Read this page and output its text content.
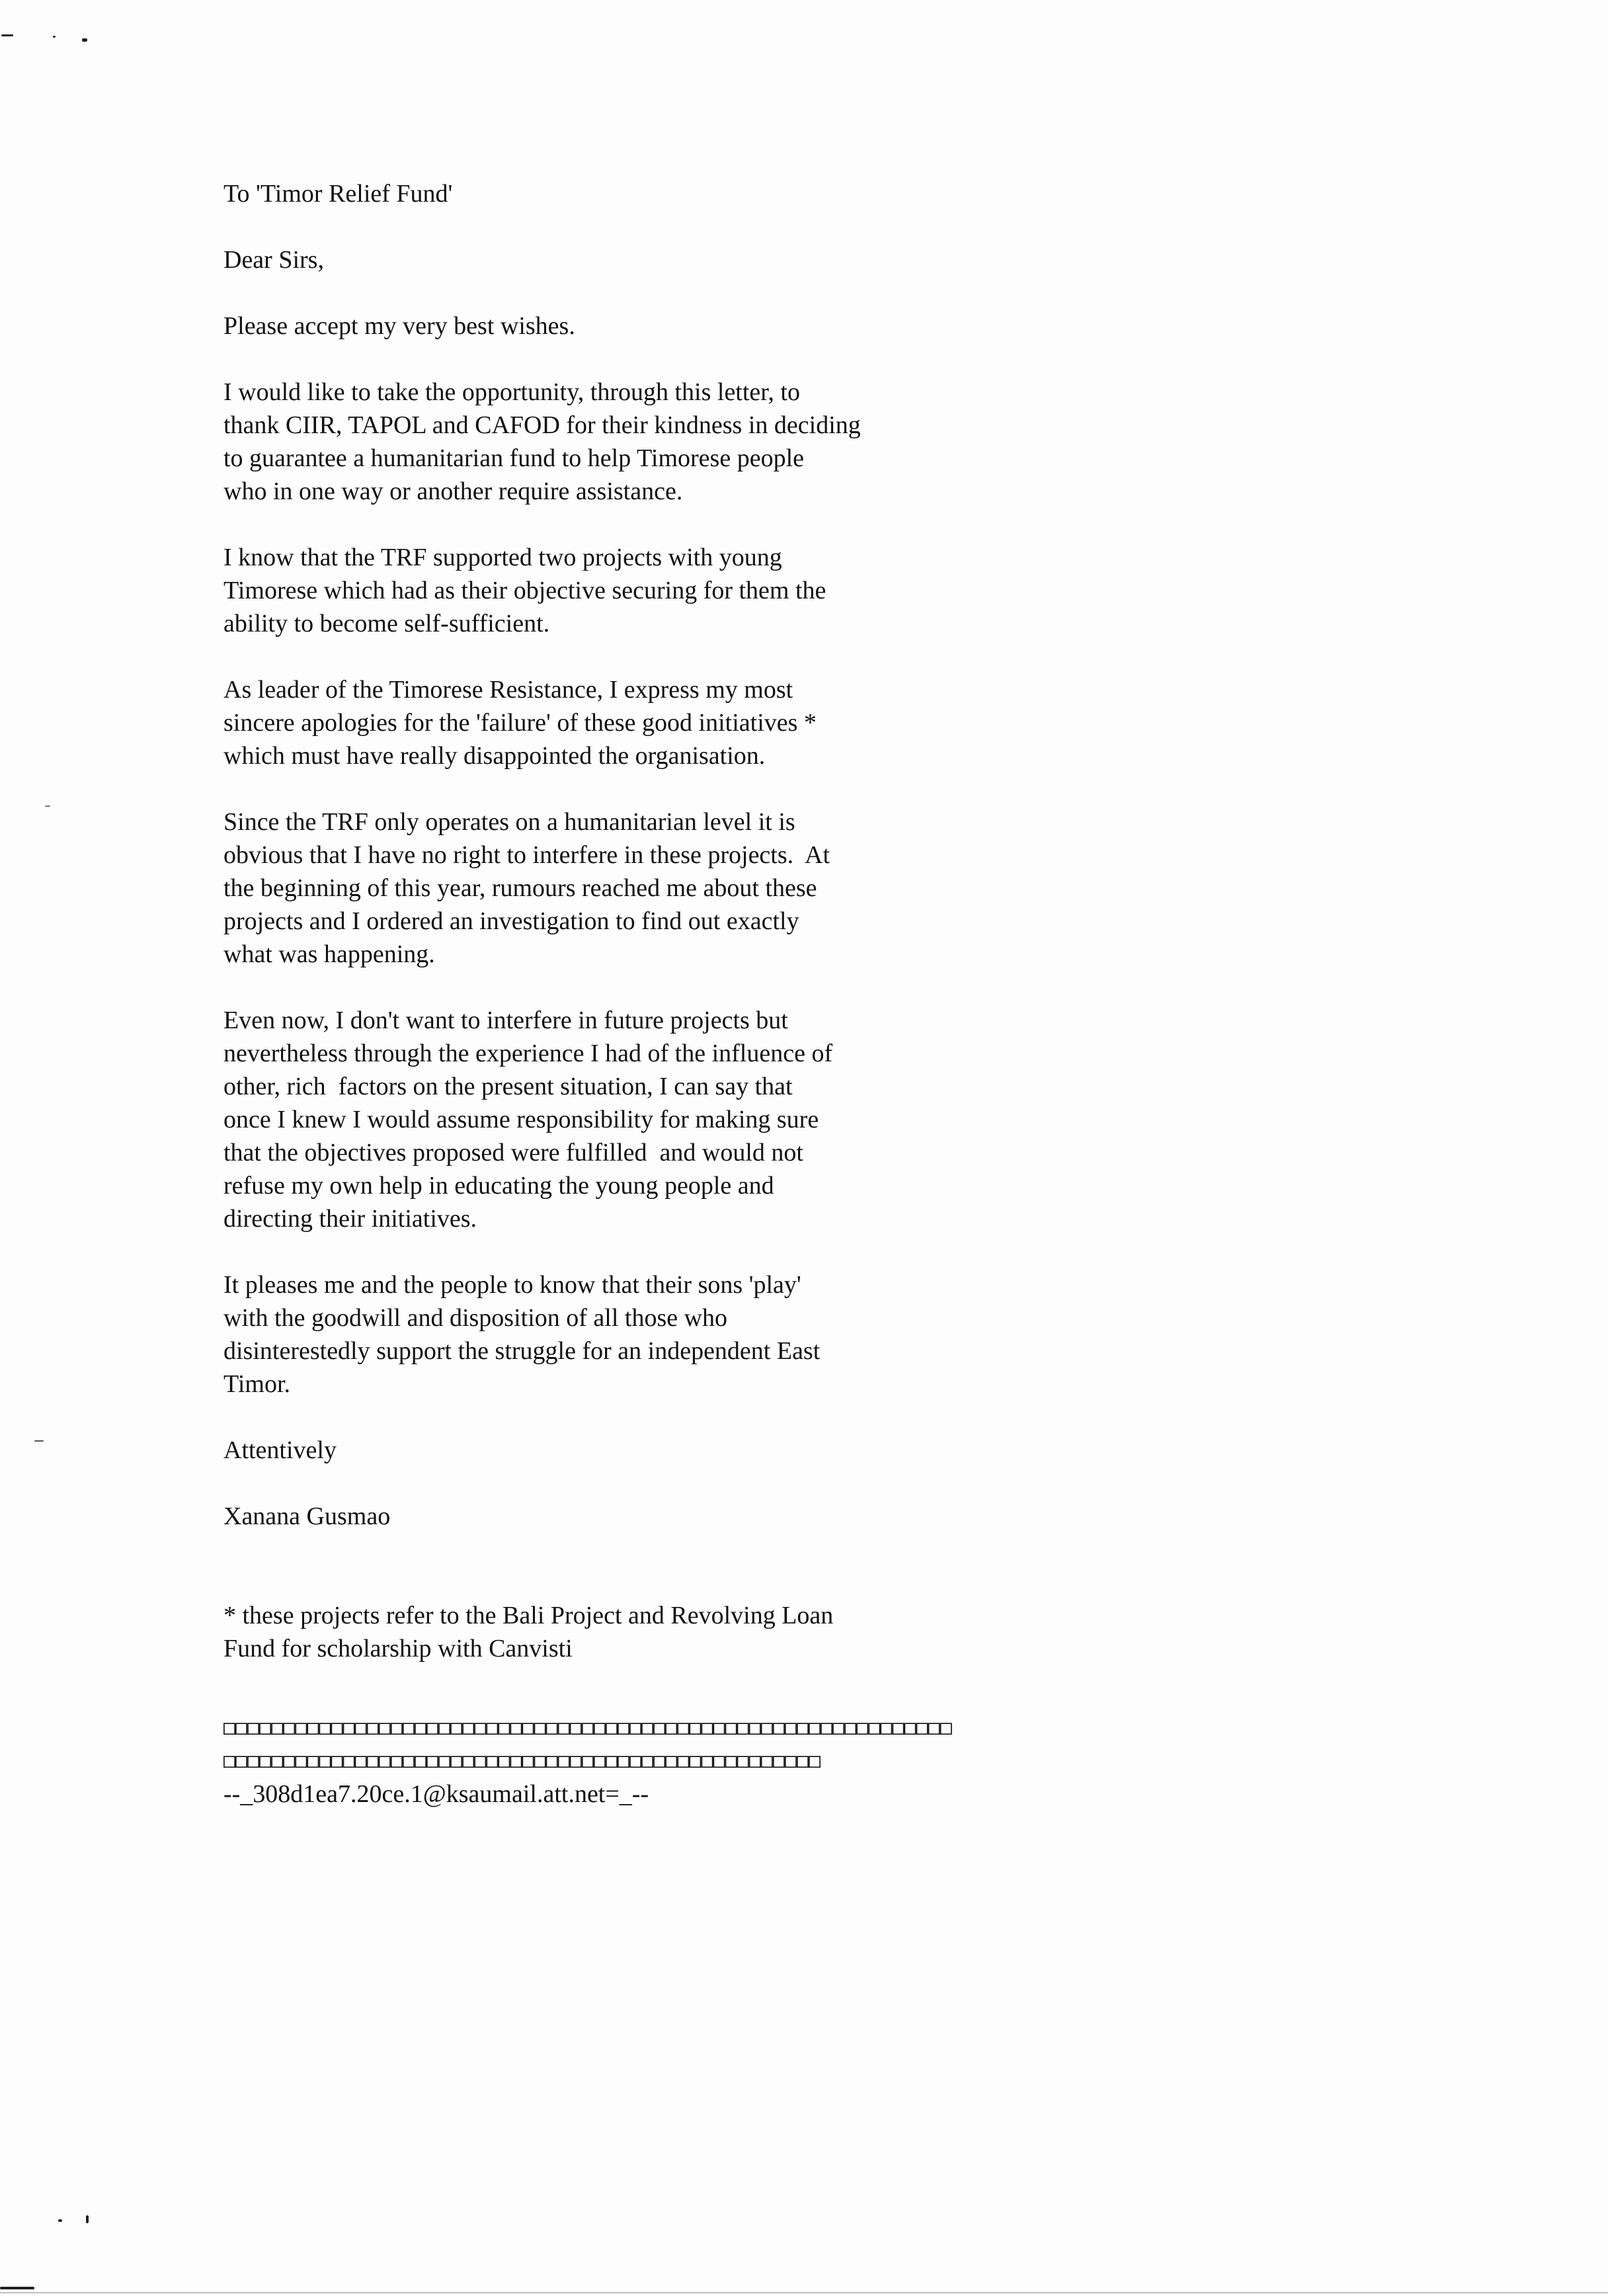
To 'Timor Relief Fund'
Dear Sirs,
Please accept my very best wishes.
I would like to take the opportunity, through this letter, to
thank CIIR, TAPOL and CAFOD for their kindness in deciding
to guarantee a humanitarian fund to help Timorese people
who in one way or another require assistance.
I know that the TRF supported two projects with young
Timorese which had as their objective securing for them the
ability to become self-sufficient.
As leader of the Timorese Resistance, I express my most
sincere apologies for the 'failure' of these good initiatives *
which must have really disappointed the organisation.
Since the TRF only operates on a humanitarian level it is
obvious that I have no right to interfere in these projects.  At
the beginning of this year, rumours reached me about these
projects and I ordered an investigation to find out exactly
what was happening.
Even now, I don't want to interfere in future projects but
nevertheless through the experience I had of the influence of
other, rich  factors on the present situation, I can say that
once I knew I would assume responsibility for making sure
that the objectives proposed were fulfilled  and would not
refuse my own help in educating the young people and
directing their initiatives.
It pleases me and the people to know that their sons 'play'
with the goodwill and disposition of all those who
disinterestedly support the struggle for an independent East
Timor.
Attentively
Xanana Gusmao
* these projects refer to the Bali Project and Revolving Loan
Fund for scholarship with Canvisti
□□□□□□□□□□□□□□□□□□□□□□□□□□□□□□□□□□□□□□□□□□□□□□□□□□□□□□□□□□□□□
□□□□□□□□□□□□□□□□□□□□□□□□□□□□□□□□□□□□□□□□□□□□□□□□□□
--_308d1ea7.20ce.1@ksaumail.att.net=_--
